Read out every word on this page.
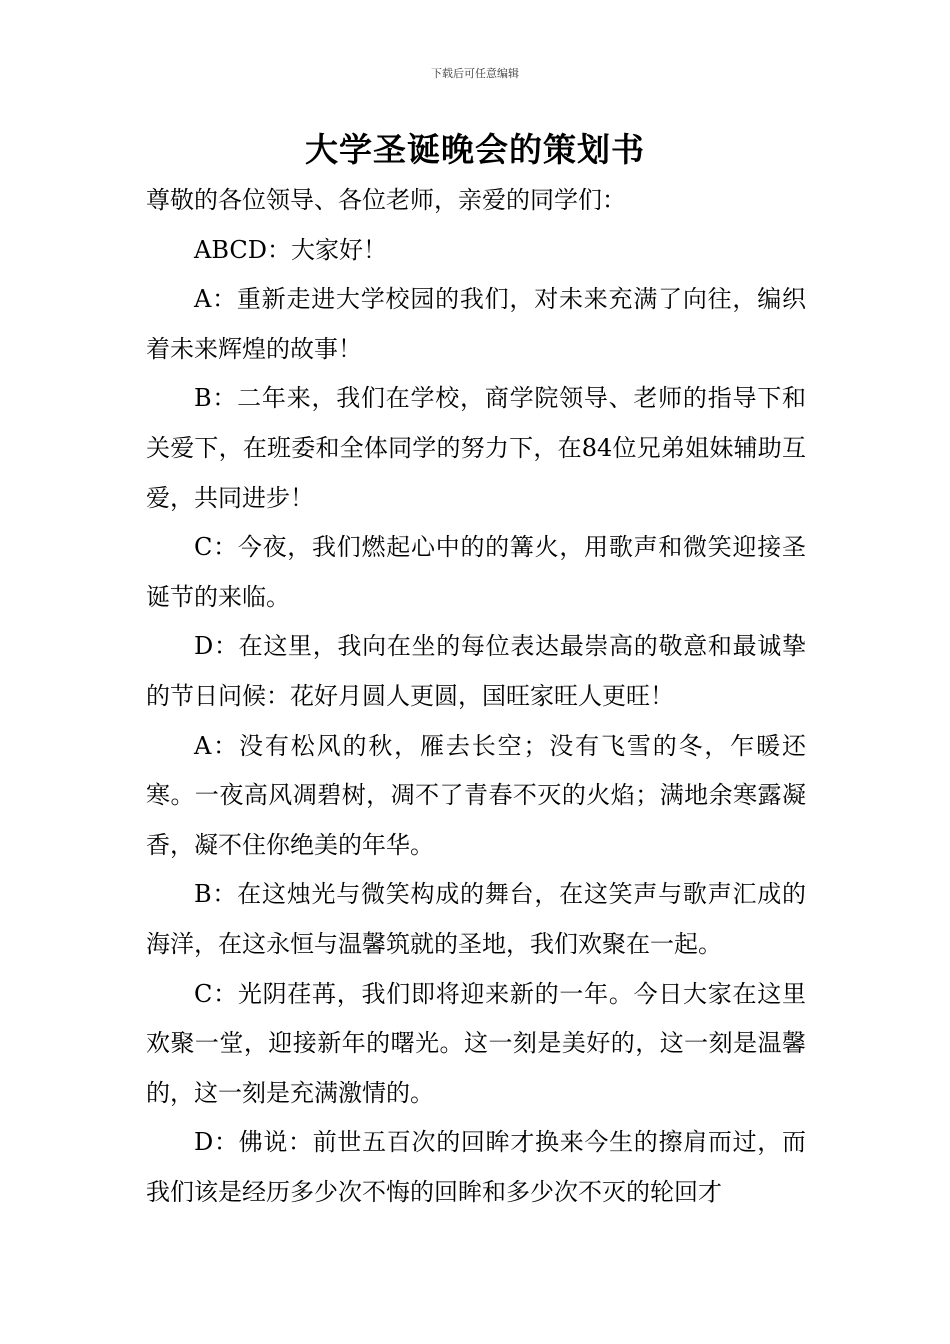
下载后可任意编辑
大学圣诞晚会的策划书

尊敬的各位领导、各位老师，亲爱的同学们：

ABCD：大家好！

A：重新走进大学校园的我们，对未来充满了向往，编织着未来辉煌的故事！

B：二年来，我们在学校，商学院领导、老师的指导下和关爱下，在班委和全体同学的努力下，在84位兄弟姐妹辅助互爱，共同进步！

C：今夜，我们燃起心中的的篝火，用歌声和微笑迎接圣诞节的来临。

D：在这里，我向在坐的每位表达最崇高的敬意和最诚挚的节日问候：花好月圆人更圆，国旺家旺人更旺！

A：没有松风的秋，雁去长空；没有飞雪的冬，乍暖还寒。一夜高风凋碧树，凋不了青春不灭的火焰；满地余寒露凝香，凝不住你绝美的年华。

B：在这烛光与微笑构成的舞台，在这笑声与歌声汇成的海洋，在这永恒与温馨筑就的圣地，我们欢聚在一起。

C：光阴荏苒，我们即将迎来新的一年。今日大家在这里欢聚一堂，迎接新年的曙光。这一刻是美好的，这一刻是温馨的，这一刻是充满激情的。

D：佛说：前世五百次的回眸才换来今生的擦肩而过，而我们该是经历多少次不悔的回眸和多少次不灭的轮回才
